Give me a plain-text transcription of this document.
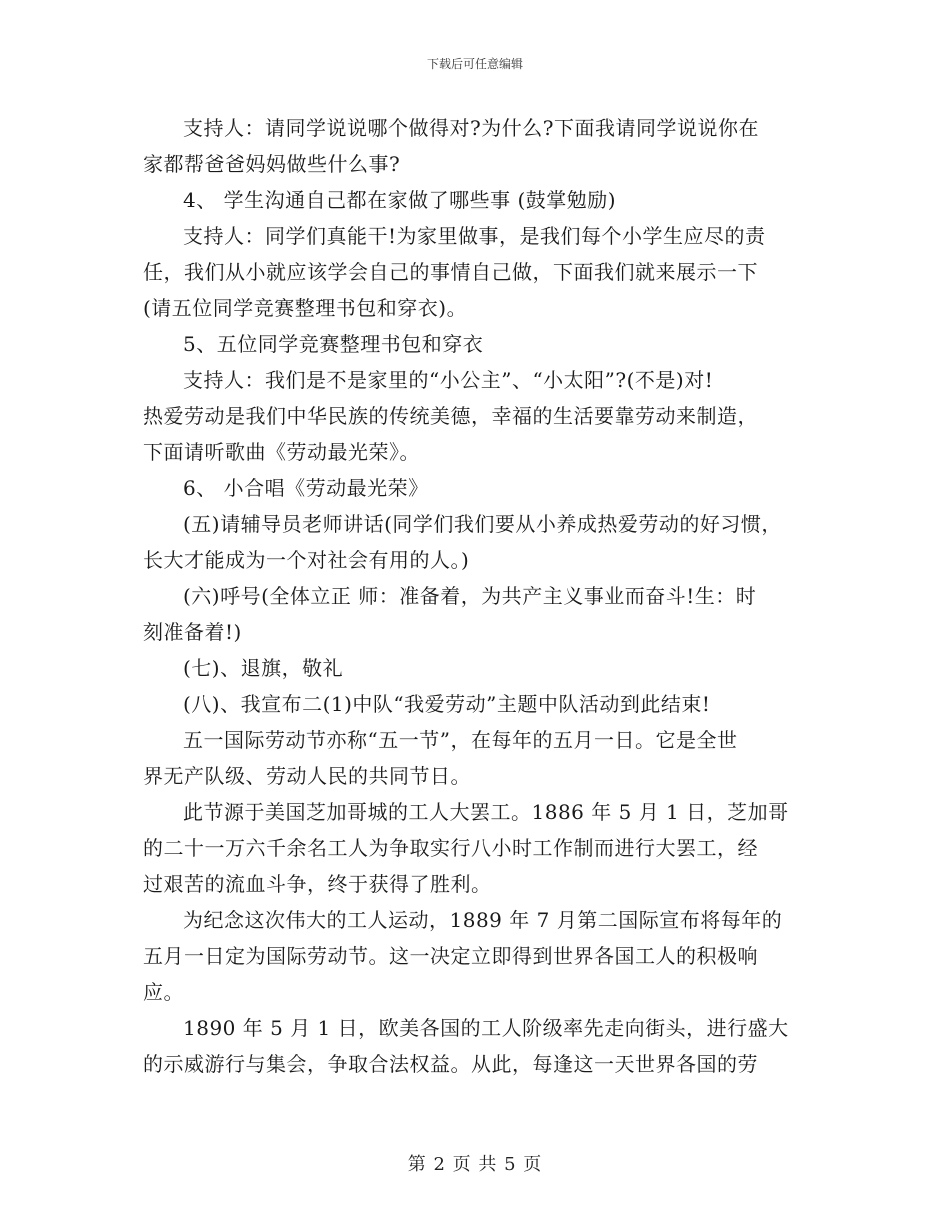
下载后可任意编辑
支持人：请同学说说哪个做得对?为什么?下面我请同学说说你在
家都帮爸爸妈妈做些什么事?
4、 学生沟通自己都在家做了哪些事 (鼓掌勉励)
支持人：同学们真能干!为家里做事，是我们每个小学生应尽的责
任，我们从小就应该学会自己的事情自己做，下面我们就来展示一下
(请五位同学竞赛整理书包和穿衣)。
5、五位同学竞赛整理书包和穿衣
支持人：我们是不是家里的“小公主”、“小太阳”?(不是)对!
热爱劳动是我们中华民族的传统美德，幸福的生活要靠劳动来制造，
下面请听歌曲《劳动最光荣》。
6、 小合唱《劳动最光荣》
(五)请辅导员老师讲话(同学们我们要从小养成热爱劳动的好习惯，
长大才能成为一个对社会有用的人。)
(六)呼号(全体立正 师：准备着，为共产主义事业而奋斗!生：时
刻准备着!)
(七)、退旗，敬礼
(八)、我宣布二(1)中队“我爱劳动”主题中队活动到此结束!
五一国际劳动节亦称“五一节”，在每年的五月一日。它是全世
界无产队级、劳动人民的共同节日。
此节源于美国芝加哥城的工人大罢工。1886 年 5 月 1 日，芝加哥
的二十一万六千余名工人为争取实行八小时工作制而进行大罢工，经
过艰苦的流血斗争，终于获得了胜利。
为纪念这次伟大的工人运动，1889 年 7 月第二国际宣布将每年的
五月一日定为国际劳动节。这一决定立即得到世界各国工人的积极响
应。
1890 年 5 月 1 日，欧美各国的工人阶级率先走向街头，进行盛大
的示威游行与集会，争取合法权益。从此，每逢这一天世界各国的劳
第 2 页 共 5 页
